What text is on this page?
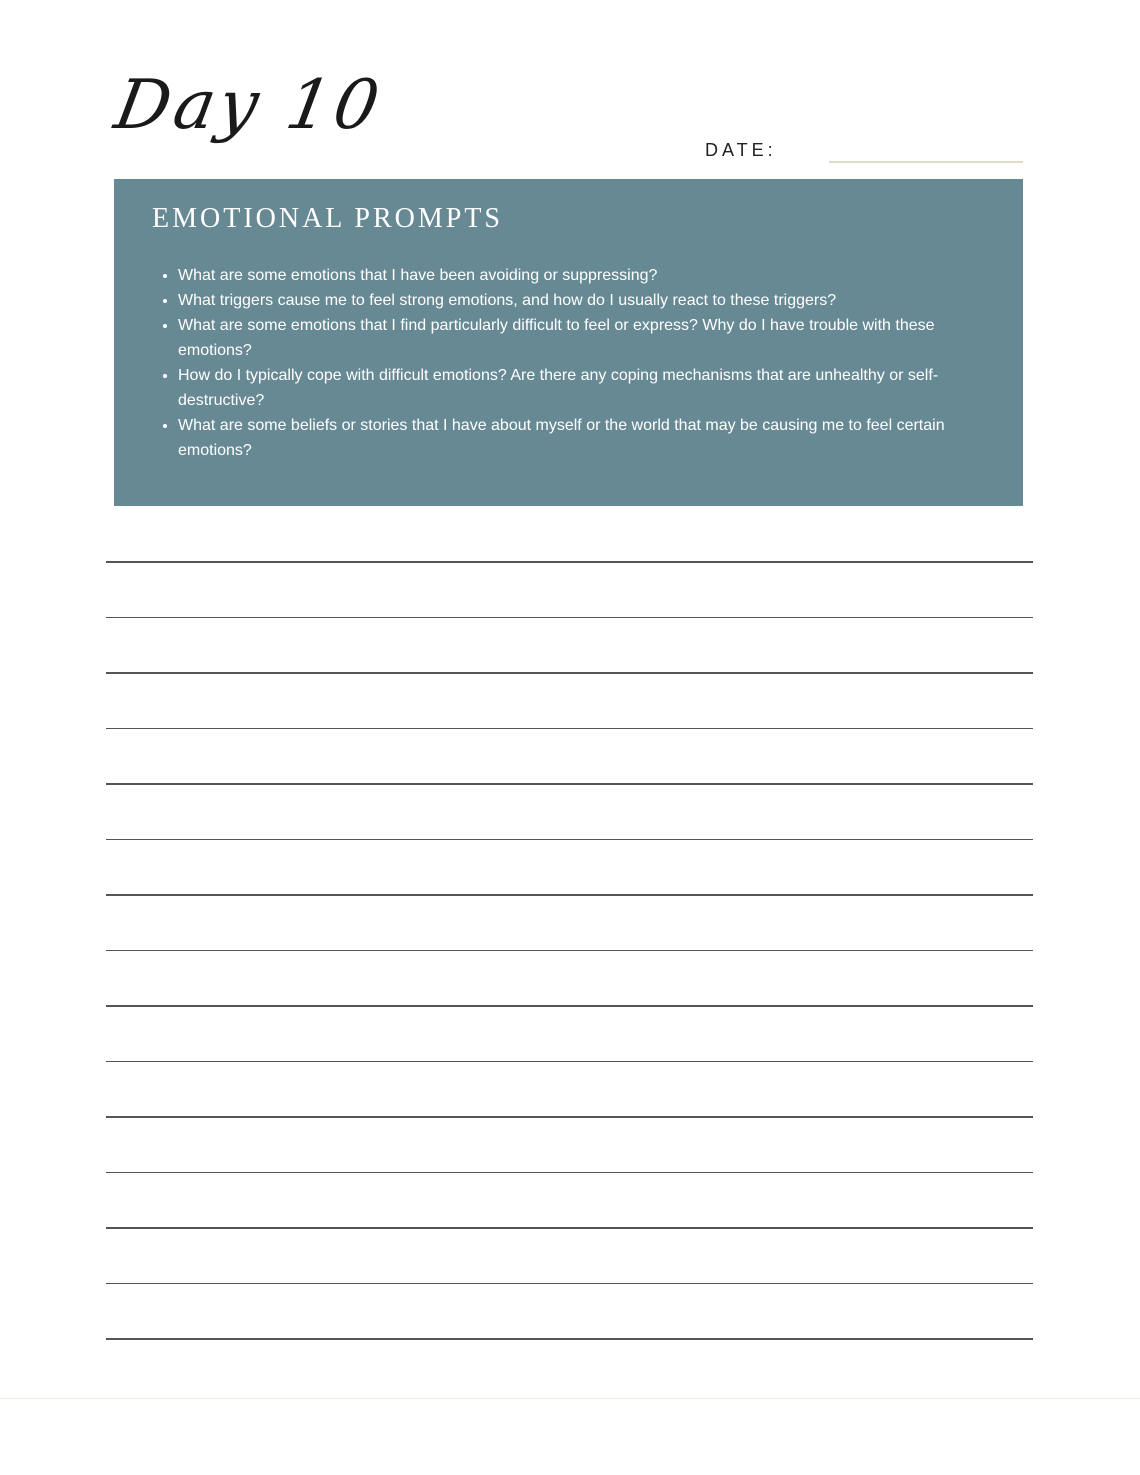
Day 10
DATE:
EMOTIONAL PROMPTS
• What are some emotions that I have been avoiding or suppressing?
• What triggers cause me to feel strong emotions, and how do I usually react to these triggers?
• What are some emotions that I find particularly difficult to feel or express? Why do I have trouble with these emotions?
• How do I typically cope with difficult emotions? Are there any coping mechanisms that are unhealthy or self-destructive?
• What are some beliefs or stories that I have about myself or the world that may be causing me to feel certain emotions?
